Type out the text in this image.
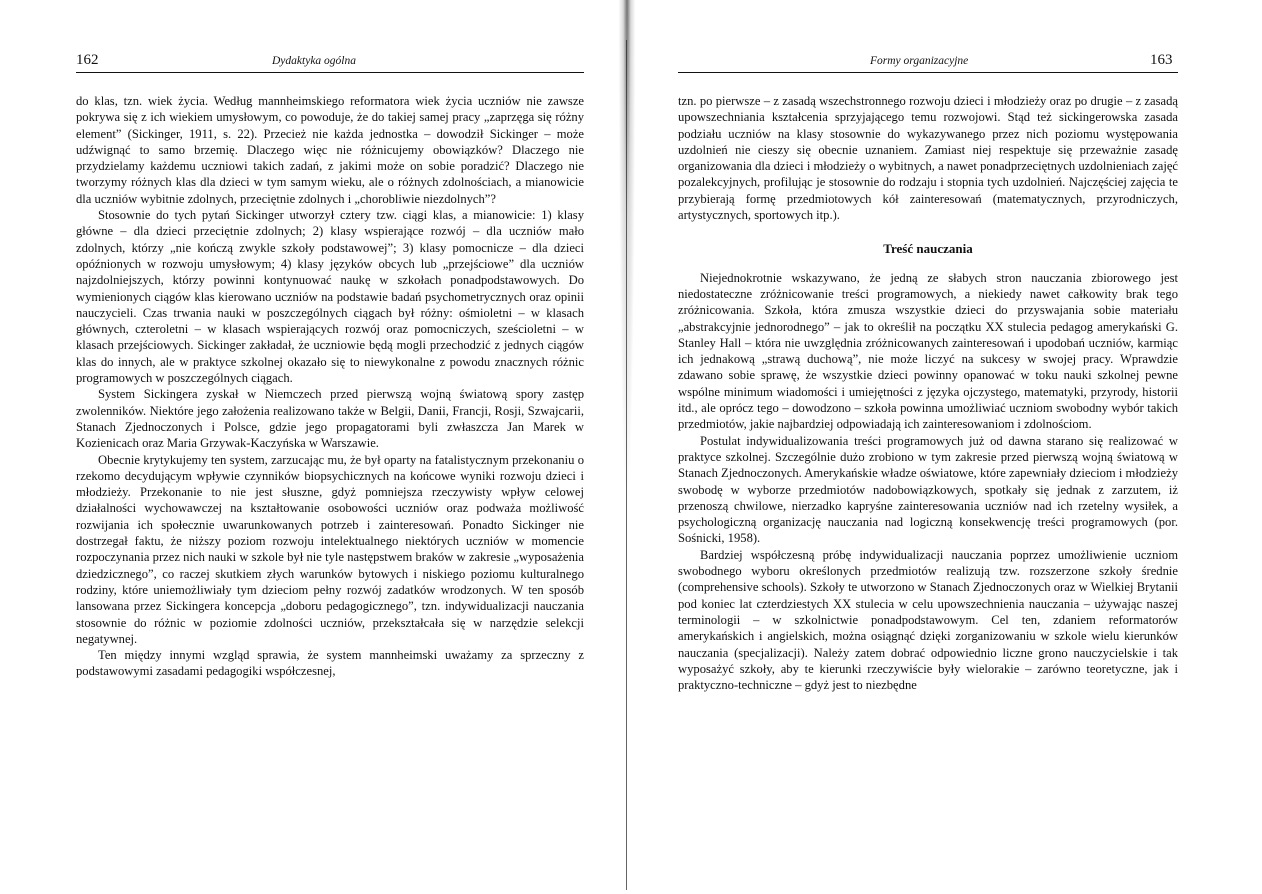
162	Dydaktyka ogólna

do klas, tzn. wiek życia. Według mannheimskiego reformatora wiek życia uczniów nie zawsze pokrywa się z ich wiekiem umysłowym, co powoduje, że do takiej samej pracy „zaprzęga się różny element” (Sickinger, 1911, s. 22). Przecież nie każda jednostka – dowodził Sickinger – może udźwignąć to samo brzemię. Dlaczego więc nie różnicujemy obowiązków? Dlaczego nie przydzielamy każdemu uczniowi takich zadań, z jakimi może on sobie poradzić? Dlaczego nie tworzymy różnych klas dla dzieci w tym samym wieku, ale o różnych zdolnościach, a mianowicie dla uczniów wybitnie zdolnych, przeciętnie zdolnych i „chorobliwie niezdolnych”?

Stosownie do tych pytań Sickinger utworzył cztery tzw. ciągi klas, a mianowicie: 1) klasy główne – dla dzieci przeciętnie zdolnych; 2) klasy wspierające rozwój – dla uczniów mało zdolnych, którzy „nie kończą zwykle szkoły podstawowej”; 3) klasy pomocnicze – dla dzieci opóźnionych w rozwoju umysłowym; 4) klasy języków obcych lub „przejściowe” dla uczniów najzdolniejszych, którzy powinni kontynuować naukę w szkołach ponadpodstawowych. Do wymienionych ciągów klas kierowano uczniów na podstawie badań psychometrycznych oraz opinii nauczycieli. Czas trwania nauki w poszczególnych ciągach był różny: ośmioletni – w klasach głównych, czteroletni – w klasach wspierających rozwój oraz pomocniczych, sześcioletni – w klasach przejściowych. Sickinger zakładał, że uczniowie będą mogli przechodzić z jednych ciągów klas do innych, ale w praktyce szkolnej okazało się to niewykonalne z powodu znacznych różnic programowych w poszczególnych ciągach.

System Sickingera zyskał w Niemczech przed pierwszą wojną światową spory zastęp zwolenników. Niektóre jego założenia realizowano także w Belgii, Danii, Francji, Rosji, Szwajcarii, Stanach Zjednoczonych i Polsce, gdzie jego propagatorami byli zwłaszcza Jan Marek w Kozienicach oraz Maria Grzywak-Kaczyńska w Warszawie.

Obecnie krytykujemy ten system, zarzucając mu, że był oparty na fatalistycznym przekonaniu o rzekomo decydującym wpływie czynników biopsychicznych na końcowe wyniki rozwoju dzieci i młodzieży. Przekonanie to nie jest słuszne, gdyż pomniejsza rzeczywisty wpływ celowej działalności wychowawczej na kształtowanie osobowości uczniów oraz podważa możliwość rozwijania ich społecznie uwarunkowanych potrzeb i zainteresowań. Ponadto Sickinger nie dostrzegał faktu, że niższy poziom rozwoju intelektualnego niektórych uczniów w momencie rozpoczynania przez nich nauki w szkole był nie tyle następstwem braków w zakresie „wyposażenia dziedzicznego”, co raczej skutkiem złych warunków bytowych i niskiego poziomu kulturalnego rodziny, które uniemożliwiały tym dzieciom pełny rozwój zadatków wrodzonych. W ten sposób lansowana przez Sickingera koncepcja „doboru pedagogicznego”, tzn. indywidualizacji nauczania stosownie do różnic w poziomie zdolności uczniów, przekształcała się w narzędzie selekcji negatywnej.

Ten między innymi wzgląd sprawia, że system mannheimski uważamy za sprzeczny z podstawowymi zasadami pedagogiki współczesnej,

Formy organizacyjne	163

tzn. po pierwsze – z zasadą wszechstronnego rozwoju dzieci i młodzieży oraz po drugie – z zasadą upowszechniania kształcenia sprzyjającego temu rozwojowi. Stąd też sickingerowska zasada podziału uczniów na klasy stosownie do wykazywanego przez nich poziomu występowania uzdolnień nie cieszy się obecnie uznaniem. Zamiast niej respektuje się przeważnie zasadę organizowania dla dzieci i młodzieży o wybitnych, a nawet ponadprzeciętnych uzdolnieniach zajęć pozalekcyjnych, profilując je stosownie do rodzaju i stopnia tych uzdolnień. Najczęściej zajęcia te przybierają formę przedmiotowych kół zainteresowań (matematycznych, przyrodniczych, artystycznych, sportowych itp.).

Treść nauczania

Niejednokrotnie wskazywano, że jedną ze słabych stron nauczania zbiorowego jest niedostateczne zróżnicowanie treści programowych, a niekiedy nawet całkowity brak tego zróżnicowania. Szkoła, która zmusza wszystkie dzieci do przyswajania sobie materiału „abstrakcyjnie jednorodnego” – jak to określił na początku XX stulecia pedagog amerykański G. Stanley Hall – która nie uwzględnia zróżnicowanych zainteresowań i upodobań uczniów, karmiąc ich jednakową „strawą duchową”, nie może liczyć na sukcesy w swojej pracy. Wprawdzie zdawano sobie sprawę, że wszystkie dzieci powinny opanować w toku nauki szkolnej pewne wspólne minimum wiadomości i umiejętności z języka ojczystego, matematyki, przyrody, historii itd., ale oprócz tego – dowodzono – szkoła powinna umożliwiać uczniom swobodny wybór takich przedmiotów, jakie najbardziej odpowiadają ich zainteresowaniom i zdolnościom.

Postulat indywidualizowania treści programowych już od dawna starano się realizować w praktyce szkolnej. Szczególnie dużo zrobiono w tym zakresie przed pierwszą wojną światową w Stanach Zjednoczonych. Amerykańskie władze oświatowe, które zapewniały dzieciom i młodzieży swobodę w wyborze przedmiotów nadobowiązkowych, spotkały się jednak z zarzutem, iż przenoszą chwilowe, nierzadko kapryśne zainteresowania uczniów nad ich rzetelny wysiłek, a psychologiczną organizację nauczania nad logiczną konsekwencję treści programowych (por. Sośnicki, 1958).

Bardziej współczesną próbę indywidualizacji nauczania poprzez umożliwienie uczniom swobodnego wyboru określonych przedmiotów realizują tzw. rozszerzone szkoły średnie (comprehensive schools). Szkoły te utworzono w Stanach Zjednoczonych oraz w Wielkiej Brytanii pod koniec lat czterdziestych XX stulecia w celu upowszechnienia nauczania – używając naszej terminologii – w szkolnictwie ponadpodstawowym. Cel ten, zdaniem reformatorów amerykańskich i angielskich, można osiągnąć dzięki zorganizowaniu w szkole wielu kierunków nauczania (specjalizacji). Należy zatem dobrać odpowiednio liczne grono nauczycielskie i tak wyposażyć szkoły, aby te kierunki rzeczywiście były wielorakie – zarówno teoretyczne, jak i praktyczno-techniczne – gdyż jest to niezbędne
